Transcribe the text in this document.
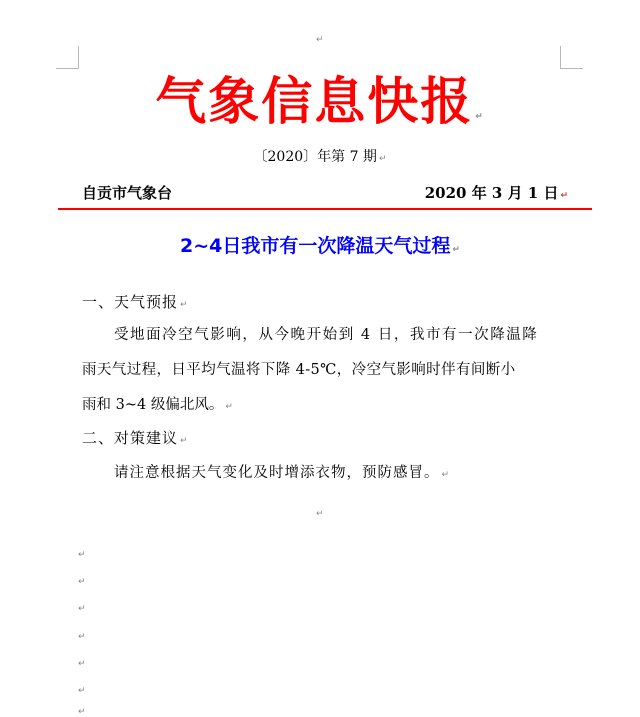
↵
气象信息快报 ↵
〔2020〕年第 7 期 ↵
自贡市气象台	2020 年 3 月 1 日 ↵
2~4日我市有一次降温天气过程 ↵
一、天气预报 ↵
受地面冷空气影响，从今晚开始到 4 日，我市有一次降温降
雨天气过程，日平均气温将下降 4-5℃，冷空气影响时伴有间断小
雨和 3~4 级偏北风。 ↵
二、对策建议 ↵
请注意根据天气变化及时增添衣物，预防感冒。 ↵
↵
↵
↵
↵
↵
↵
↵
↵
